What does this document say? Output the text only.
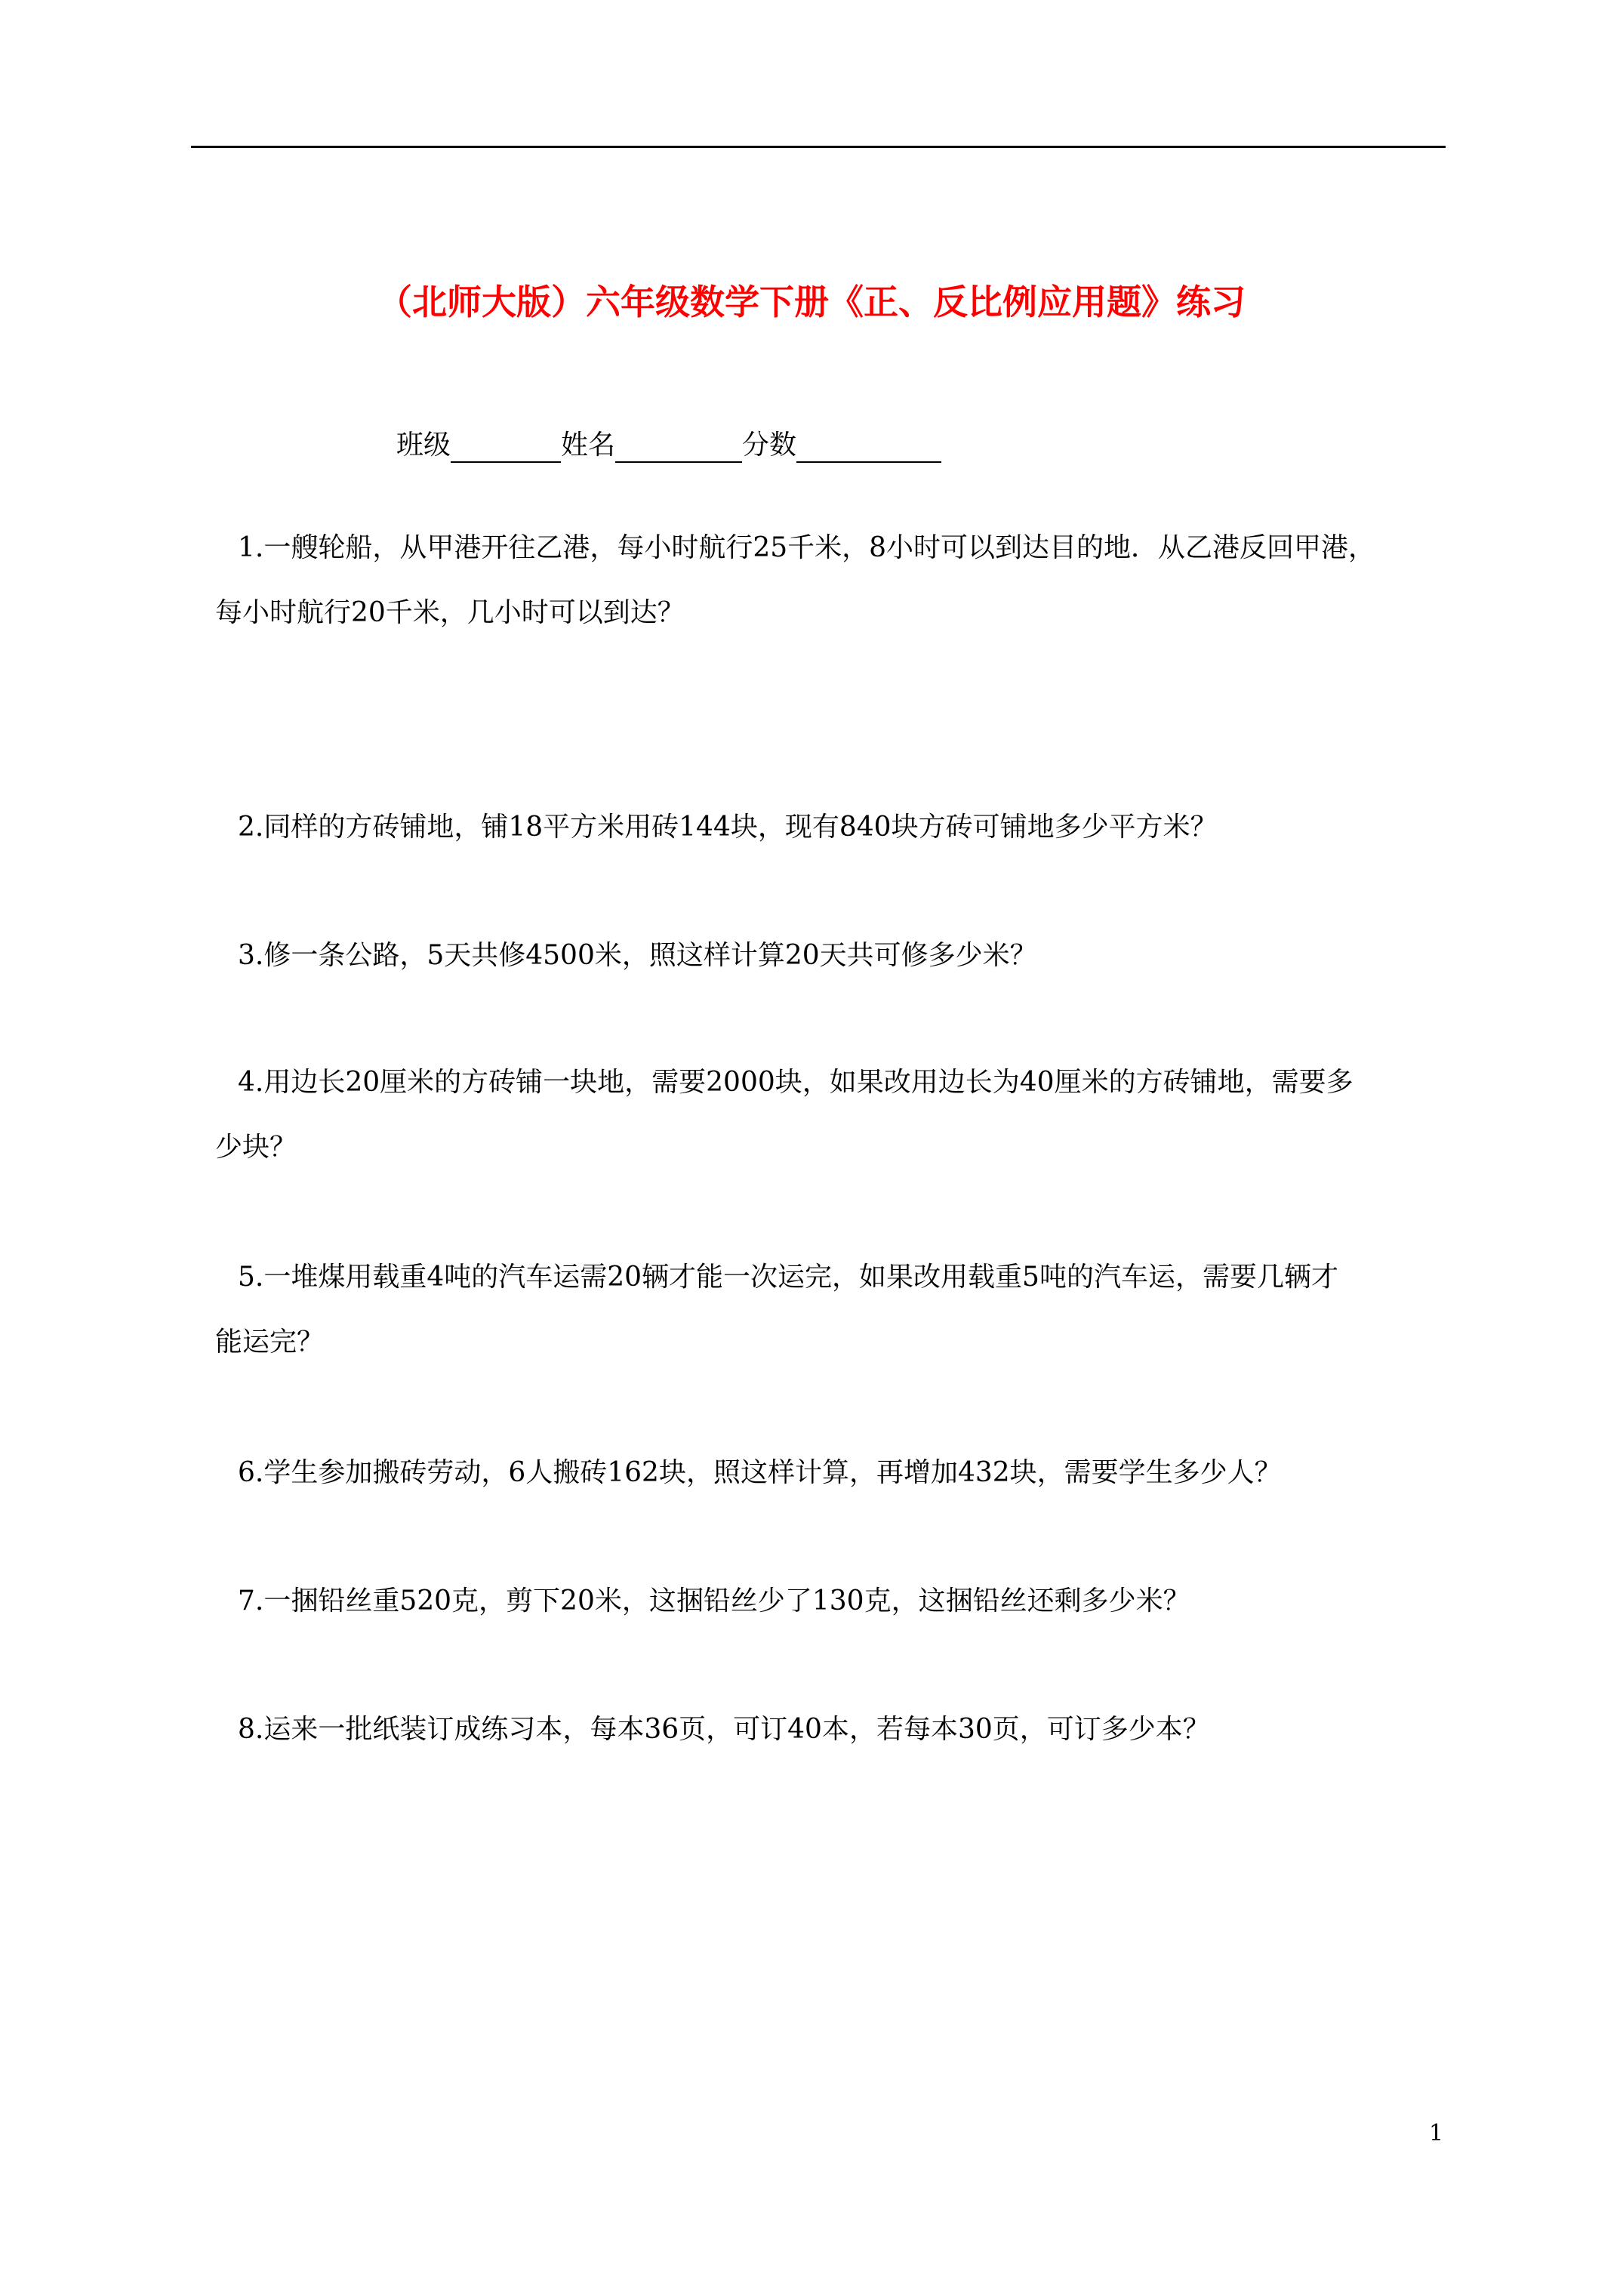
（北师大版）六年级数学下册《正、反比例应用题》练习
班级	姓名	分数
1.一艘轮船，从甲港开往乙港，每小时航行25千米，8小时可以到达目的地．从乙港反回甲港，
每小时航行20千米，几小时可以到达？
2.同样的方砖铺地，铺18平方米用砖144块，现有840块方砖可铺地多少平方米？
3.修一条公路，5天共修4500米，照这样计算20天共可修多少米？
4.用边长20厘米的方砖铺一块地，需要2000块，如果改用边长为40厘米的方砖铺地，需要多
少块？
5.一堆煤用载重4吨的汽车运需20辆才能一次运完，如果改用载重5吨的汽车运，需要几辆才
能运完？
6.学生参加搬砖劳动，6人搬砖162块，照这样计算，再增加432块，需要学生多少人？
7.一捆铅丝重520克，剪下20米，这捆铅丝少了130克，这捆铅丝还剩多少米？
8.运来一批纸装订成练习本，每本36页，可订40本，若每本30页，可订多少本？
1
